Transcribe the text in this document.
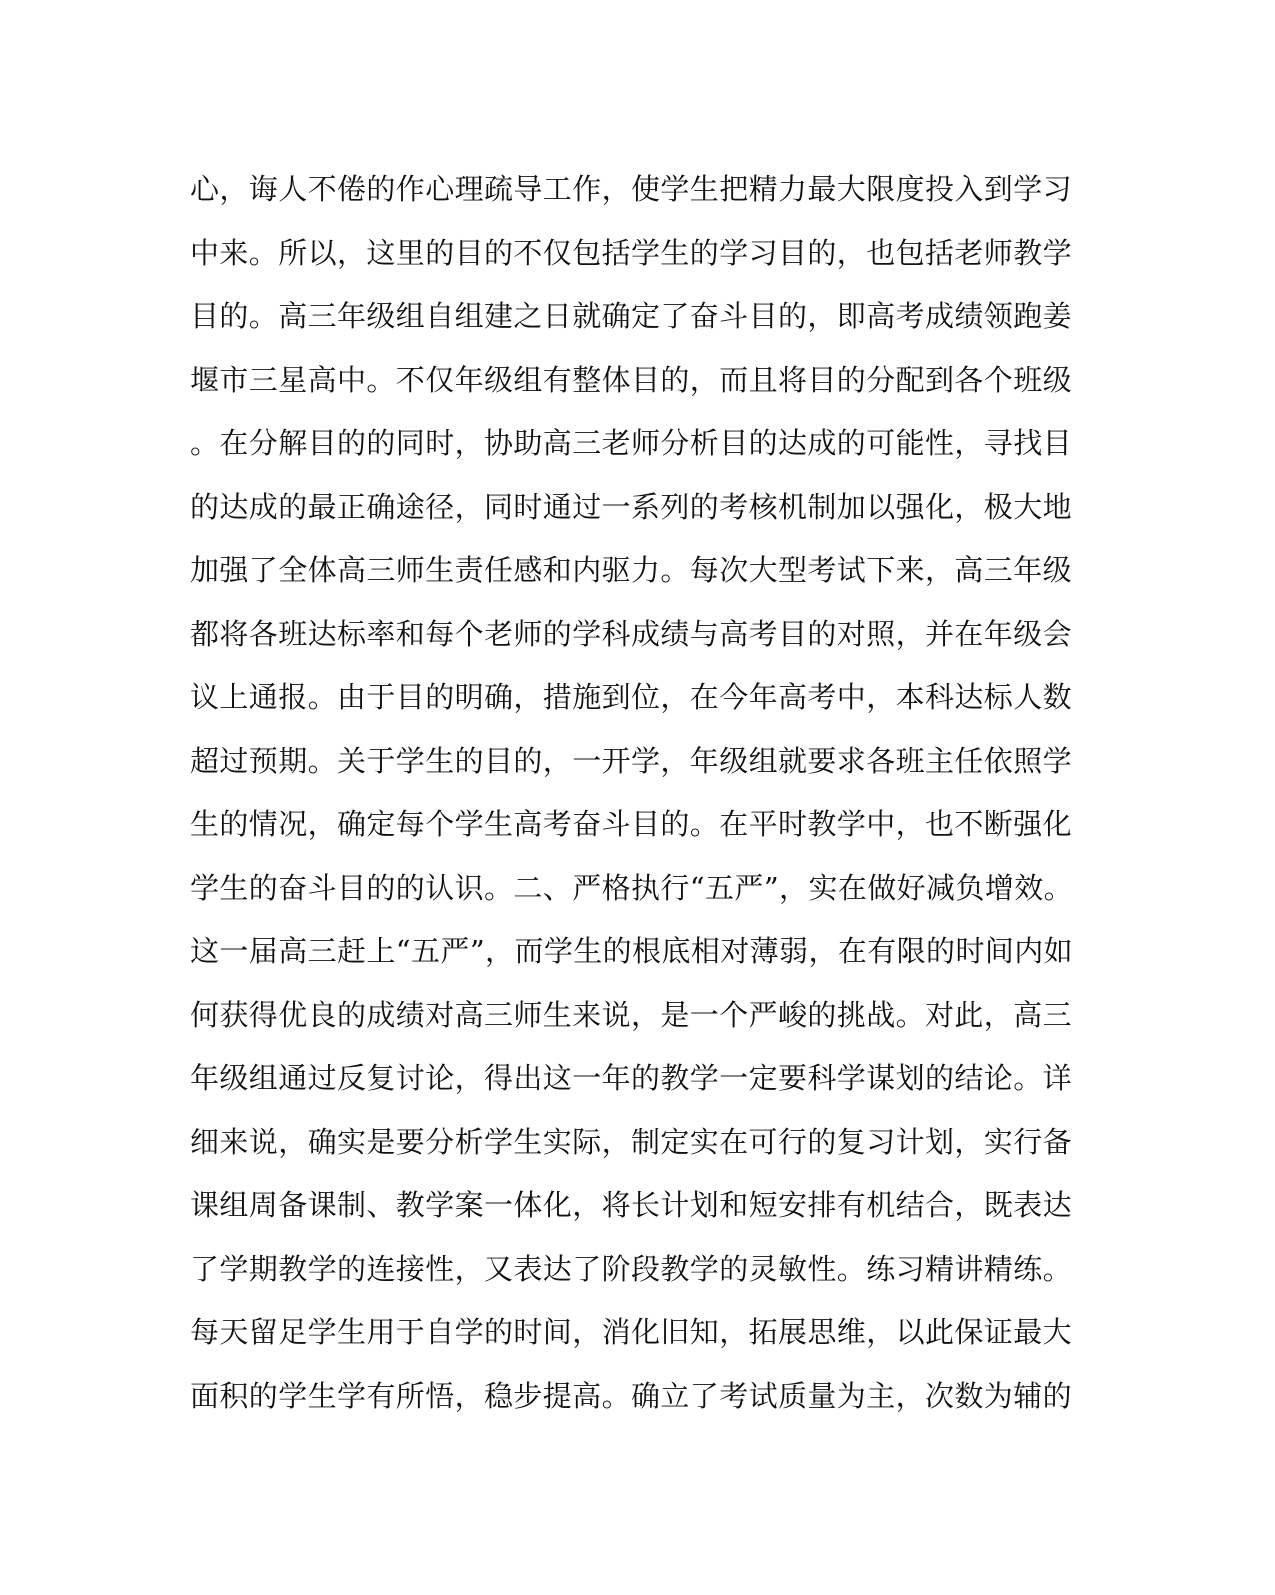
心，诲人不倦的作心理疏导工作，使学生把精力最大限度投入到学习
中来。所以，这里的目的不仅包括学生的学习目的，也包括老师教学
目的。高三年级组自组建之日就确定了奋斗目的，即高考成绩领跑姜
堰市三星高中。不仅年级组有整体目的，而且将目的分配到各个班级
。在分解目的的同时，协助高三老师分析目的达成的可能性，寻找目
的达成的最正确途径，同时通过一系列的考核机制加以强化，极大地
加强了全体高三师生责任感和内驱力。每次大型考试下来，高三年级
都将各班达标率和每个老师的学科成绩与高考目的对照，并在年级会
议上通报。由于目的明确，措施到位，在今年高考中，本科达标人数
超过预期。关于学生的目的，一开学，年级组就要求各班主任依照学
生的情况，确定每个学生高考奋斗目的。在平时教学中，也不断强化
学生的奋斗目的的认识。二、严格执行“五严”，实在做好减负增效。
这一届高三赶上“五严”，而学生的根底相对薄弱，在有限的时间内如
何获得优良的成绩对高三师生来说，是一个严峻的挑战。对此，高三
年级组通过反复讨论，得出这一年的教学一定要科学谋划的结论。详
细来说，确实是要分析学生实际，制定实在可行的复习计划，实行备
课组周备课制、教学案一体化，将长计划和短安排有机结合，既表达
了学期教学的连接性，又表达了阶段教学的灵敏性。练习精讲精练。
每天留足学生用于自学的时间，消化旧知，拓展思维，以此保证最大
面积的学生学有所悟，稳步提高。确立了考试质量为主，次数为辅的
